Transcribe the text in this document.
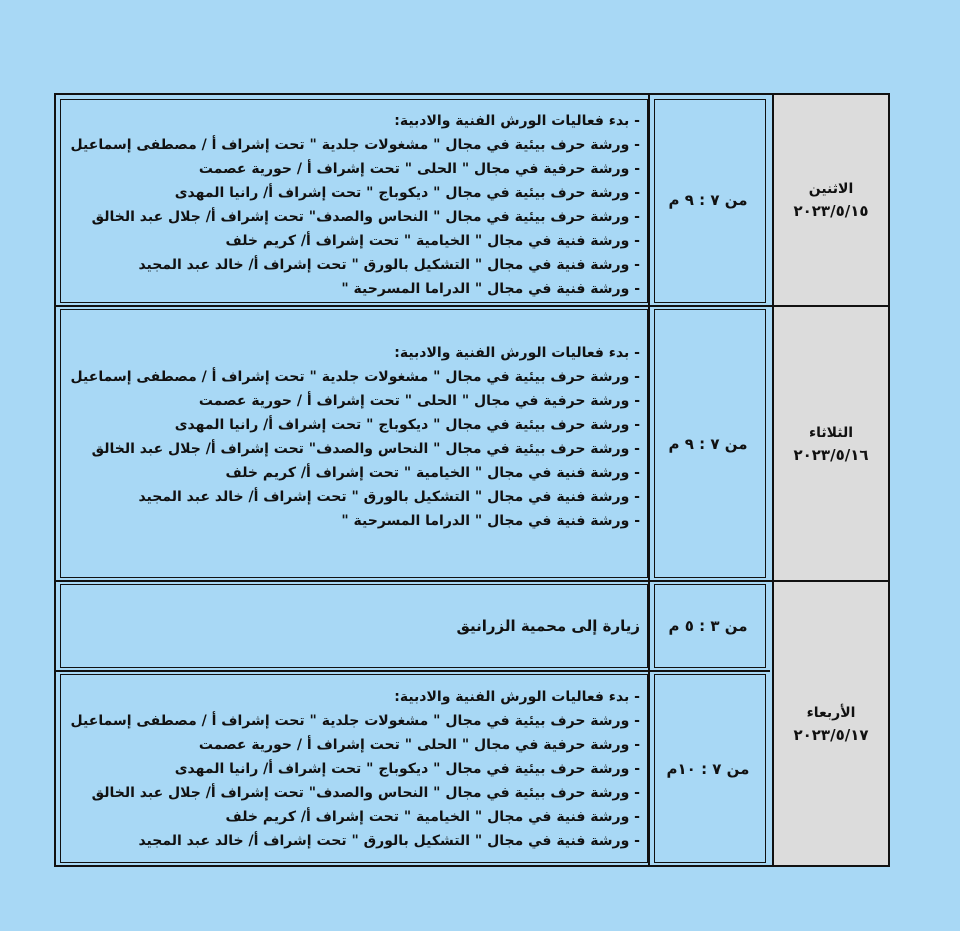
الاثنين
٢٠٢٣/٥/١٥
من ٧ : ٩ م
- بدء فعاليات الورش الفنية والادبية:
- ورشة حرف بيئية في مجال " مشغولات جلدية " تحت إشراف أ / مصطفى إسماعيل
- ورشة حرفية في مجال " الحلى " تحت إشراف أ / حورية عصمت
- ورشة حرف بيئية في مجال " ديكوباج " تحت إشراف أ/ رانيا المهدى
- ورشة حرف بيئية في مجال " النحاس والصدف" تحت إشراف أ/ جلال عبد الخالق
- ورشة فنية في مجال " الخيامية " تحت إشراف أ/ كريم خلف
- ورشة فنية في مجال " التشكيل بالورق " تحت إشراف أ/ خالد عبد المجيد
- ورشة فنية في مجال " الدراما المسرحية "
الثلاثاء
٢٠٢٣/٥/١٦
من ٧ : ٩ م
- بدء فعاليات الورش الفنية والادبية:
- ورشة حرف بيئية في مجال " مشغولات جلدية " تحت إشراف أ / مصطفى إسماعيل
- ورشة حرفية في مجال " الحلى " تحت إشراف أ / حورية عصمت
- ورشة حرف بيئية في مجال " ديكوباج " تحت إشراف أ/ رانيا المهدى
- ورشة حرف بيئية في مجال " النحاس والصدف" تحت إشراف أ/ جلال عبد الخالق
- ورشة فنية في مجال " الخيامية " تحت إشراف أ/ كريم خلف
- ورشة فنية في مجال " التشكيل بالورق " تحت إشراف أ/ خالد عبد المجيد
- ورشة فنية في مجال " الدراما المسرحية "
الأربعاء
٢٠٢٣/٥/١٧
من ٣ : ٥ م
زيارة إلى محمية الزرانيق
من ٧ : ١٠م
- بدء فعاليات الورش الفنية والادبية:
- ورشة حرف بيئية في مجال " مشغولات جلدية " تحت إشراف أ / مصطفى إسماعيل
- ورشة حرفية في مجال " الحلى " تحت إشراف أ / حورية عصمت
- ورشة حرف بيئية في مجال " ديكوباج " تحت إشراف أ/ رانيا المهدى
- ورشة حرف بيئية في مجال " النحاس والصدف" تحت إشراف أ/ جلال عبد الخالق
- ورشة فنية في مجال " الخيامية " تحت إشراف أ/ كريم خلف
- ورشة فنية في مجال " التشكيل بالورق " تحت إشراف أ/ خالد عبد المجيد
